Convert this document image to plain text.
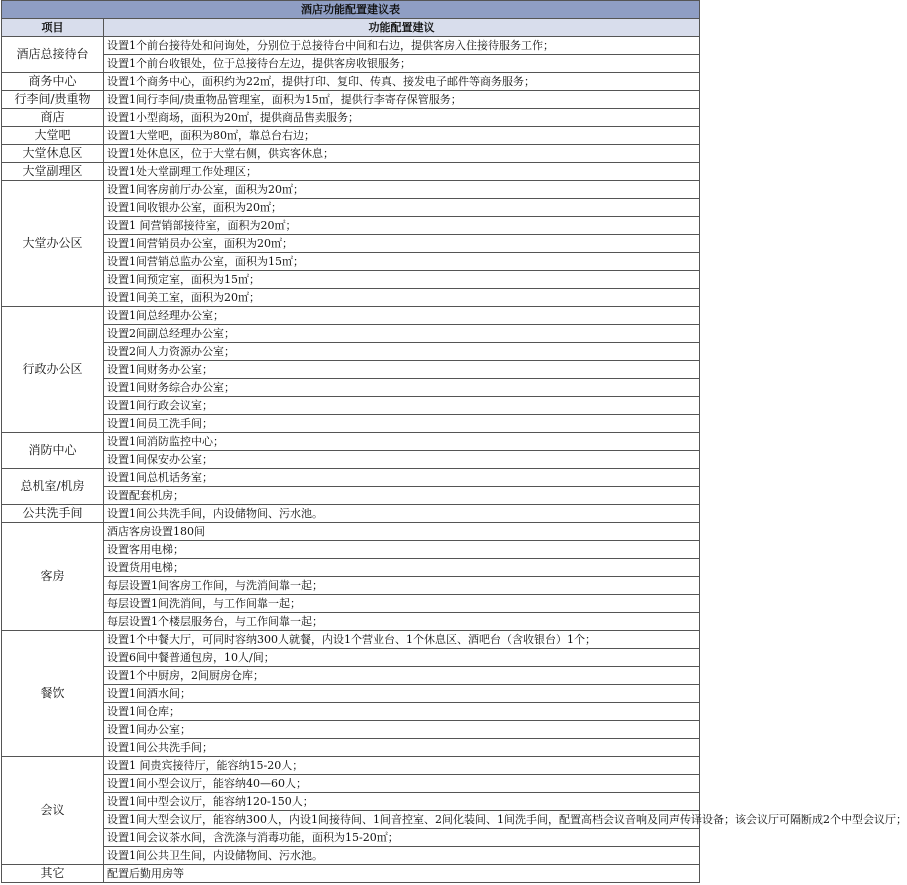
酒店功能配置建议表	
项目	功能配置建议
酒店总接待台	设置1个前台接待处和问询处，分别位于总接待台中间和右边，提供客房入住接待服务工作；
	设置1个前台收银处，位于总接待台左边，提供客房收银服务；
商务中心	设置1个商务中心，面积约为22㎡，提供打印、复印、传真、接发电子邮件等商务服务；
行李间/贵重物	设置1间行李间/贵重物品管理室，面积为15㎡，提供行李寄存保管服务；
商店	设置1小型商场，面积为20㎡，提供商品售卖服务；
大堂吧	设置1大堂吧，面积为80㎡，靠总台右边；
大堂休息区	设置1处休息区，位于大堂右侧，供宾客休息；
大堂副理区	设置1处大堂副理工作处理区；
大堂办公区	设置1间客房前厅办公室，面积为20㎡；
	设置1间收银办公室，面积为20㎡；
	设置1 间营销部接待室，面积为20㎡；
	设置1间营销员办公室，面积为20㎡；
	设置1间营销总监办公室，面积为15㎡；
	设置1间预定室，面积为15㎡；
	设置1间美工室，面积为20㎡；
行政办公区	设置1间总经理办公室；
	设置2间副总经理办公室；
	设置2间人力资源办公室；
	设置1间财务办公室；
	设置1间财务综合办公室；
	设置1间行政会议室；
	设置1间员工洗手间；
消防中心	设置1间消防监控中心；
	设置1间保安办公室；
总机室/机房	设置1间总机话务室；
	设置配套机房；
公共洗手间	设置1间公共洗手间，内设储物间、污水池。
客房	酒店客房设置180间
	设置客用电梯；
	设置货用电梯；
	每层设置1间客房工作间，与洗消间靠一起；
	每层设置1间洗消间，与工作间靠一起；
	每层设置1个楼层服务台，与工作间靠一起；
餐饮	设置1个中餐大厅，可同时容纳300人就餐，内设1个营业台、1个休息区、酒吧台（含收银台）1个；
	设置6间中餐普通包房，10人/间；
	设置1个中厨房，2间厨房仓库；
	设置1间酒水间；
	设置1间仓库；
	设置1间办公室；
	设置1间公共洗手间；
会议	设置1 间贵宾接待厅，能容纳15-20人；
	设置1间小型会议厅，能容纳40—60人；
	设置1间中型会议厅，能容纳120-150人；
	设置1间大型会议厅，能容纳300人，内设1间接待间、1间音控室、2间化装间、1间洗手间，配置高档会议音响及同声传译设备；该会议厅可隔断成2个中型会议厅；
	设置1间会议茶水间，含洗涤与消毒功能，面积为15-20㎡；
	设置1间公共卫生间，内设储物间、污水池。
其它	配置后勤用房等
